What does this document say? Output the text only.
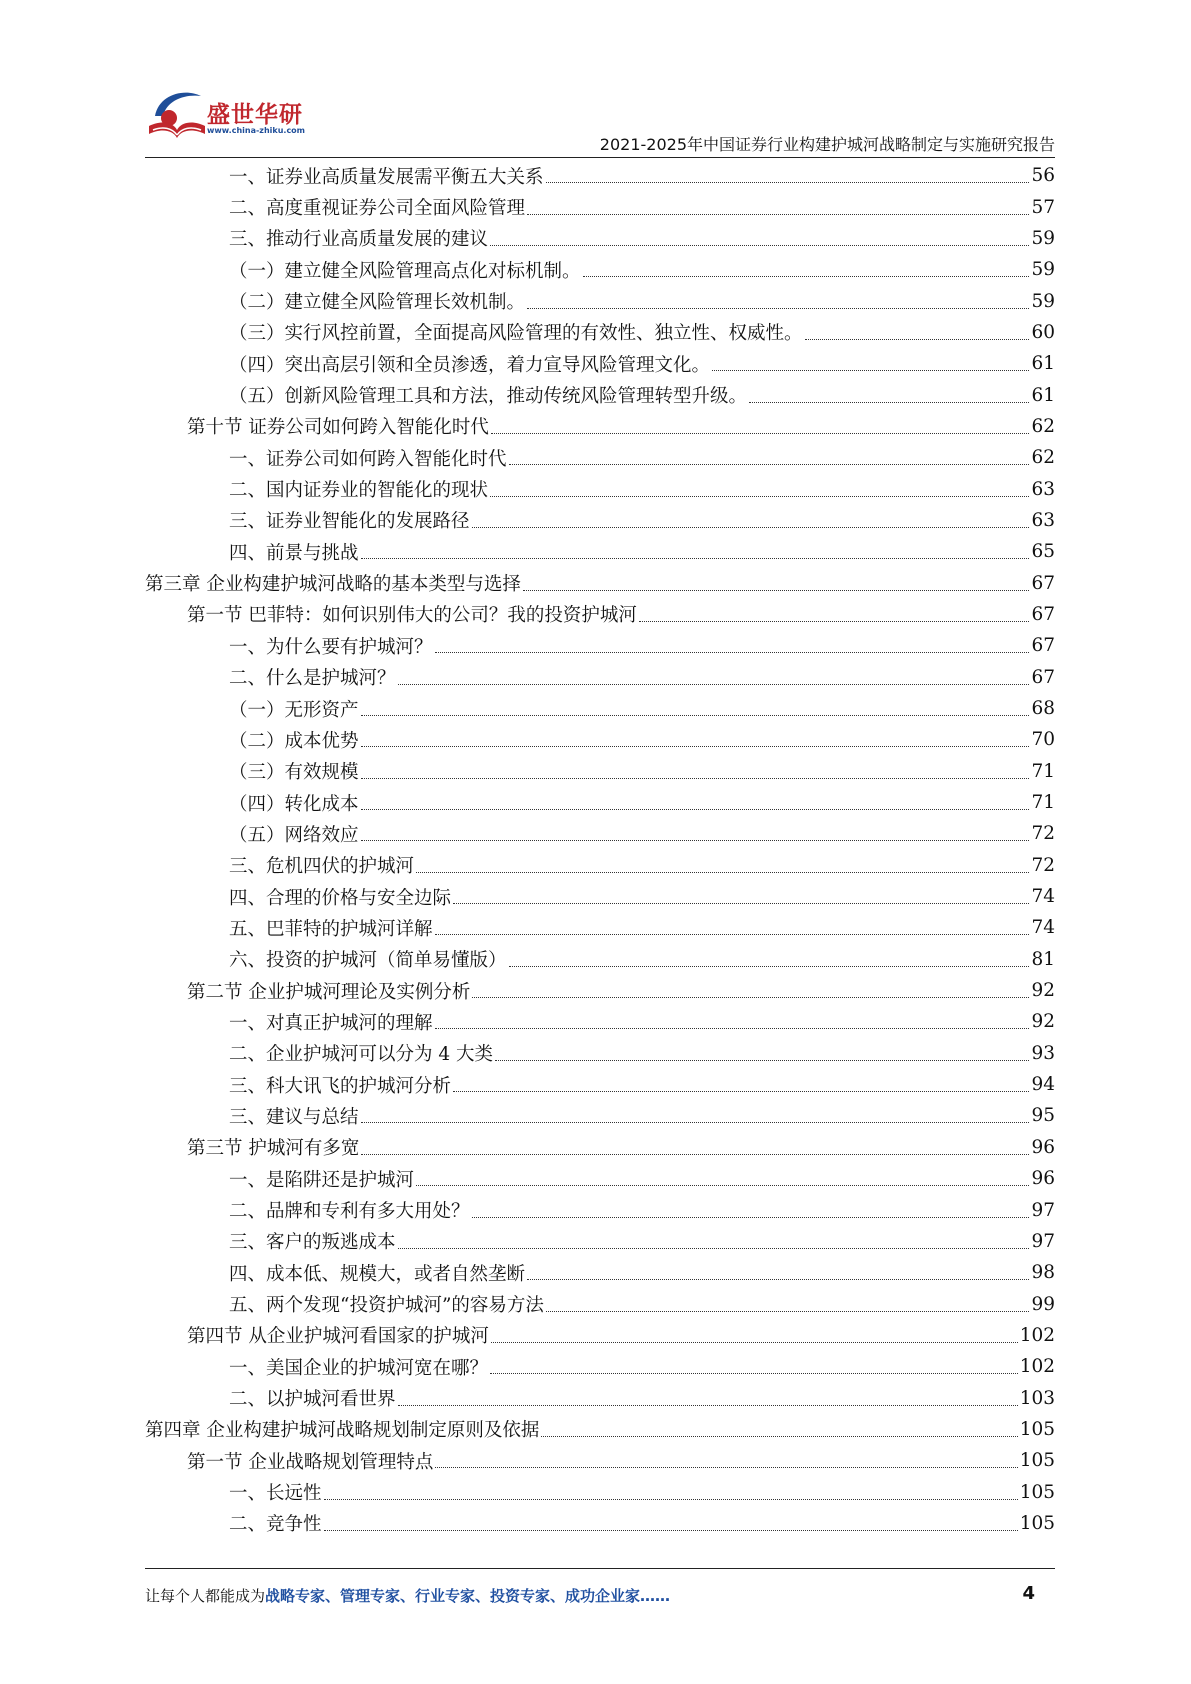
盛世华研
www.china-zhiku.com
2021-2025年中国证券行业构建护城河战略制定与实施研究报告
一、证券业高质量发展需平衡五大关系	56
二、高度重视证券公司全面风险管理	57
三、推动行业高质量发展的建议	59
（一）建立健全风险管理高点化对标机制。	59
（二）建立健全风险管理长效机制。	59
（三）实行风控前置，全面提高风险管理的有效性、独立性、权威性。	60
（四）突出高层引领和全员渗透，着力宣导风险管理文化。	61
（五）创新风险管理工具和方法，推动传统风险管理转型升级。	61
第十节 证券公司如何跨入智能化时代	62
一、证券公司如何跨入智能化时代	62
二、国内证券业的智能化的现状	63
三、证券业智能化的发展路径	63
四、前景与挑战	65
第三章 企业构建护城河战略的基本类型与选择	67
第一节 巴菲特：如何识别伟大的公司？我的投资护城河	67
一、为什么要有护城河？	67
二、什么是护城河？	67
（一）无形资产	68
（二）成本优势	70
（三）有效规模	71
（四）转化成本	71
（五）网络效应	72
三、危机四伏的护城河	72
四、合理的价格与安全边际	74
五、巴菲特的护城河详解	74
六、投资的护城河（简单易懂版）	81
第二节 企业护城河理论及实例分析	92
一、对真正护城河的理解	92
二、企业护城河可以分为 4 大类	93
三、科大讯飞的护城河分析	94
三、建议与总结	95
第三节 护城河有多宽	96
一、是陷阱还是护城河	96
二、品牌和专利有多大用处？	97
三、客户的叛逃成本	97
四、成本低、规模大，或者自然垄断	98
五、两个发现“投资护城河”的容易方法	99
第四节 从企业护城河看国家的护城河	102
一、美国企业的护城河宽在哪？	102
二、以护城河看世界	103
第四章 企业构建护城河战略规划制定原则及依据	105
第一节 企业战略规划管理特点	105
一、长远性	105
二、竞争性	105
让每个人都能成为战略专家、管理专家、行业专家、投资专家、成功企业家……	4
